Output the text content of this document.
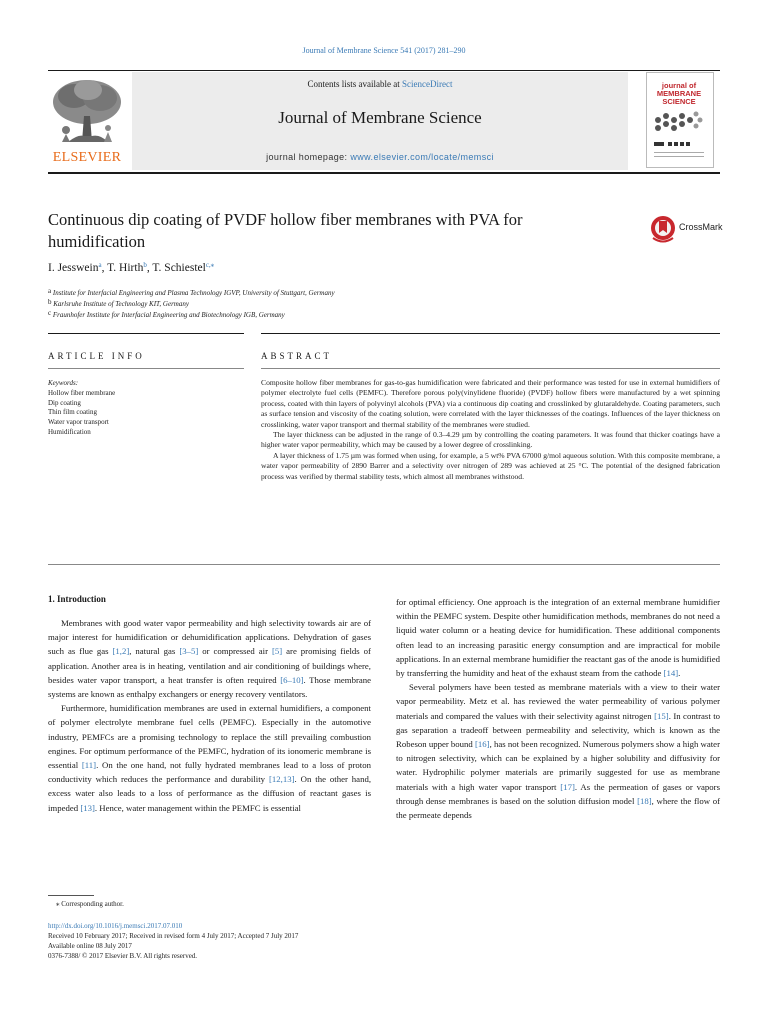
Journal of Membrane Science 541 (2017) 281–290
ELSEVIER
Contents lists available at ScienceDirect
Journal of Membrane Science
journal homepage: www.elsevier.com/locate/memsci
journal of
MEMBRANE
SCIENCE
Continuous dip coating of PVDF hollow fiber membranes with PVA for
humidification
CrossMark
I. Jesswein$^a$, T. Hirth$^b$, T. Schiestel$^{c,⁎}$
$^a$ Institute for Interfacial Engineering and Plasma Technology IGVP, University of Stuttgart, Germany
$^b$ Karlsruhe Institute of Technology KIT, Germany
$^c$ Fraunhofer Institute for Interfacial Engineering and Biotechnology IGB, Germany
ARTICLE INFO	ABSTRACT
Keywords:
Hollow fiber membrane
Dip coating
Thin film coating
Water vapor transport
Humidification

Composite hollow fiber membranes for gas-to-gas humidification were fabricated and their performance was tested for use in external humidifiers of polymer electrolyte fuel cells (PEMFC). Therefore porous poly(vinylidene fluoride) (PVDF) hollow fibers were manufactured by a wet spinning process, coated with thin layers of polyvinyl alcohols (PVA) via a continuous dip coating and crosslinked by glutaraldehyde. Coating parameters, such as surface tension and viscosity of the coating solution, were correlated with the layer thicknesses of the coatings. Influences of the layer thickness on crosslinking, water vapor transport and thermal stability of the membranes were studied.

The layer thickness can be adjusted in the range of 0.3–4.29 µm by controlling the coating parameters. It was found that thicker coatings have a higher water vapor permeability, which may be caused by a lower degree of crosslinking.

A layer thickness of 1.75 µm was formed when using, for example, a 5 wt% PVA 67000 g/mol aqueous solution. With this composite membrane, a water vapor permeability of 2890 Barrer and a selectivity over nitrogen of 289 was achieved at 25 °C. The potential of the designed fabrication process was verified by thermal stability tests, which almost all membranes withstood.

1. Introduction

Membranes with good water vapor permeability and high selectivity towards air are of major interest for humidification or dehumidification applications. Dehydration of gases such as flue gas [1,2], natural gas [3–5] or compressed air [5] are promising fields of application. Another area is in heating, ventilation and air conditioning of buildings where, besides water vapor transport, a heat transfer is often required [6–10]. Those membrane systems are known as enthalpy exchangers or energy recovery ventilators.

Furthermore, humidification membranes are used in external humidifiers, a component of polymer electrolyte membrane fuel cells (PEMFC). Especially in the automotive industry, PEMFCs are a promising technology to replace the still prevailing combustion engines. For optimum performance of the PEMFC, hydration of its ionomeric membrane is essential [11]. On the one hand, not fully hydrated membranes lead to a loss of proton conductivity which reduces the performance and durability [12,13]. On the other hand, excess water also leads to a loss of performance as the diffusion of reactant gases is impeded [13]. Hence, water management within the PEMFC is essential

for optimal efficiency. One approach is the integration of an external membrane humidifier within the PEMFC system. Despite other humidification methods, membranes do not need a liquid water column or a heating device for humidification. These additional components often lead to an increasing parasitic energy consumption and are impractical for mobile applications. In an external membrane humidifier the reactant gas of the anode is humidified by transferring the humidity and heat of the exhaust steam from the cathode [14].

Several polymers have been tested as membrane materials with a view to their water vapor permeability. Metz et al. has reviewed the water permeability of various polymer materials and compared the values with their selectivity against nitrogen [15]. In contrast to gas separation a tradeoff between permeability and selectivity, which is known as the Robeson upper bound [16], has not been recognized. Numerous polymers show a high water to nitrogen selectivity, which can be explained by a higher solubility and diffusivity for water. Hydrophilic polymer materials are primarily suggested for use as membrane materials with a high water vapor transport [17]. As the permeation of gases or vapors through dense membranes is based on the solution diffusion model [18], where the flow of the permeate depends

⁎ Corresponding author.
http://dx.doi.org/10.1016/j.memsci.2017.07.010
Received 10 February 2017; Received in revised form 4 July 2017; Accepted 7 July 2017
Available online 08 July 2017
0376-7388/ © 2017 Elsevier B.V. All rights reserved.
